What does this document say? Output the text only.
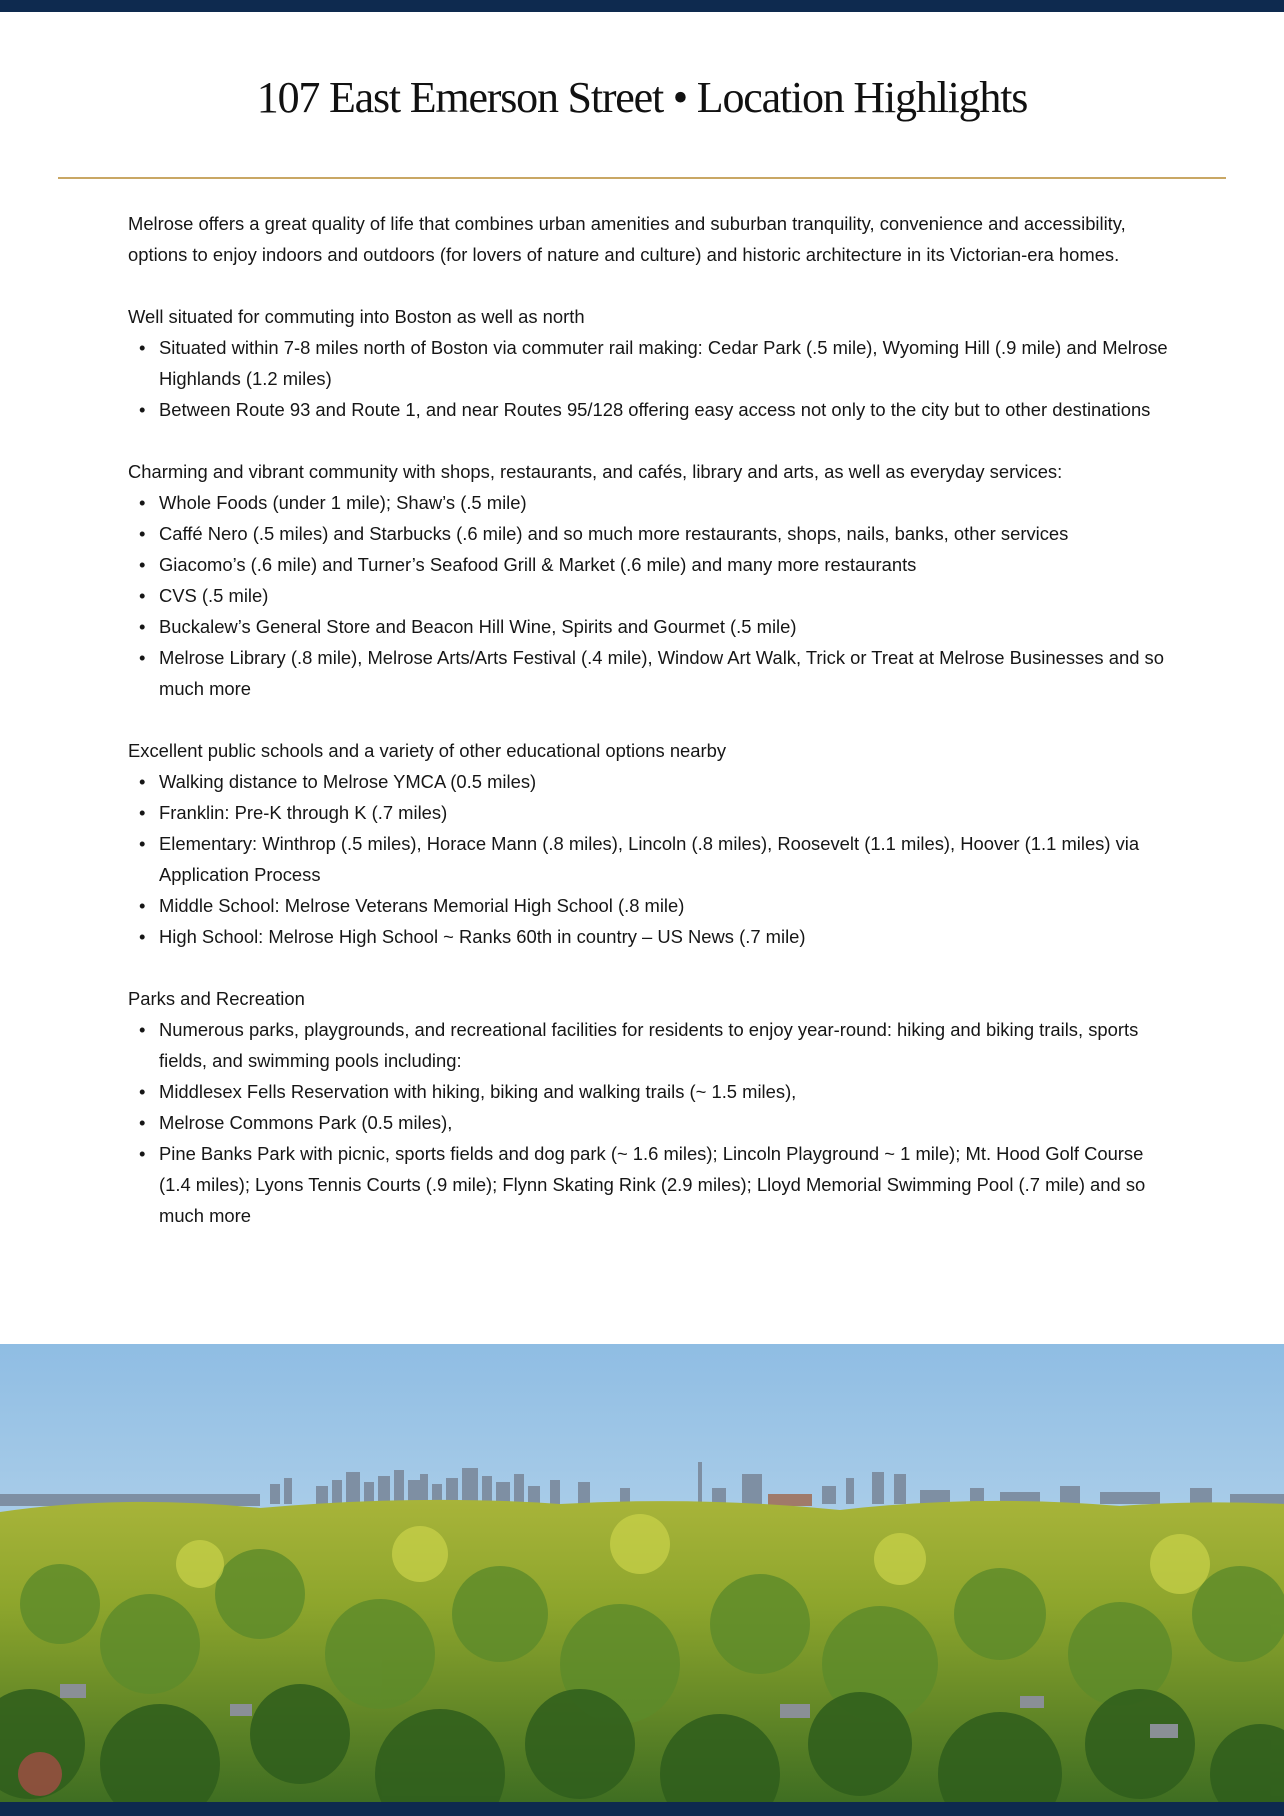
107 East Emerson Street • Location Highlights

Melrose offers a great quality of life that combines urban amenities and suburban tranquility, convenience and accessibility, options to enjoy indoors and outdoors (for lovers of nature and culture) and historic architecture in its Victorian-era homes.

Well situated for commuting into Boston as well as north

• Situated within 7-8 miles north of Boston via commuter rail making: Cedar Park (.5 mile), Wyoming Hill (.9 mile) and Melrose Highlands (1.2 miles)
• Between Route 93 and Route 1, and near Routes 95/128 offering easy access not only to the city but to other destinations

Charming and vibrant community with shops, restaurants, and cafés, library and arts, as well as everyday services:

• Whole Foods (under 1 mile); Shaw’s (.5 mile)
• Caffé Nero (.5 miles) and Starbucks (.6 mile) and so much more restaurants, shops, nails, banks, other services
• Giacomo’s (.6 mile) and Turner’s Seafood Grill & Market (.6 mile) and many more restaurants
• CVS (.5 mile)
• Buckalew’s General Store and Beacon Hill Wine, Spirits and Gourmet (.5 mile)
• Melrose Library (.8 mile), Melrose Arts/Arts Festival (.4 mile), Window Art Walk, Trick or Treat at Melrose Businesses and so much more

Excellent public schools and a variety of other educational options nearby

• Walking distance to Melrose YMCA (0.5 miles)
• Franklin: Pre-K through K (.7 miles)
• Elementary: Winthrop (.5 miles), Horace Mann (.8 miles), Lincoln (.8 miles), Roosevelt (1.1 miles), Hoover (1.1 miles) via Application Process
• Middle School: Melrose Veterans Memorial High School (.8 mile)
• High School: Melrose High School ~ Ranks 60th in country – US News (.7 mile)

Parks and Recreation

• Numerous parks, playgrounds, and recreational facilities for residents to enjoy year-round: hiking and biking trails, sports fields, and swimming pools including:
• Middlesex Fells Reservation with hiking, biking and walking trails (~ 1.5 miles),
• Melrose Commons Park (0.5 miles),
• Pine Banks Park with picnic, sports fields and dog park (~ 1.6 miles); Lincoln Playground ~ 1 mile); Mt. Hood Golf Course (1.4 miles); Lyons Tennis Courts (.9 mile); Flynn Skating Rink (2.9 miles); Lloyd Memorial Swimming Pool (.7 mile) and so much more
